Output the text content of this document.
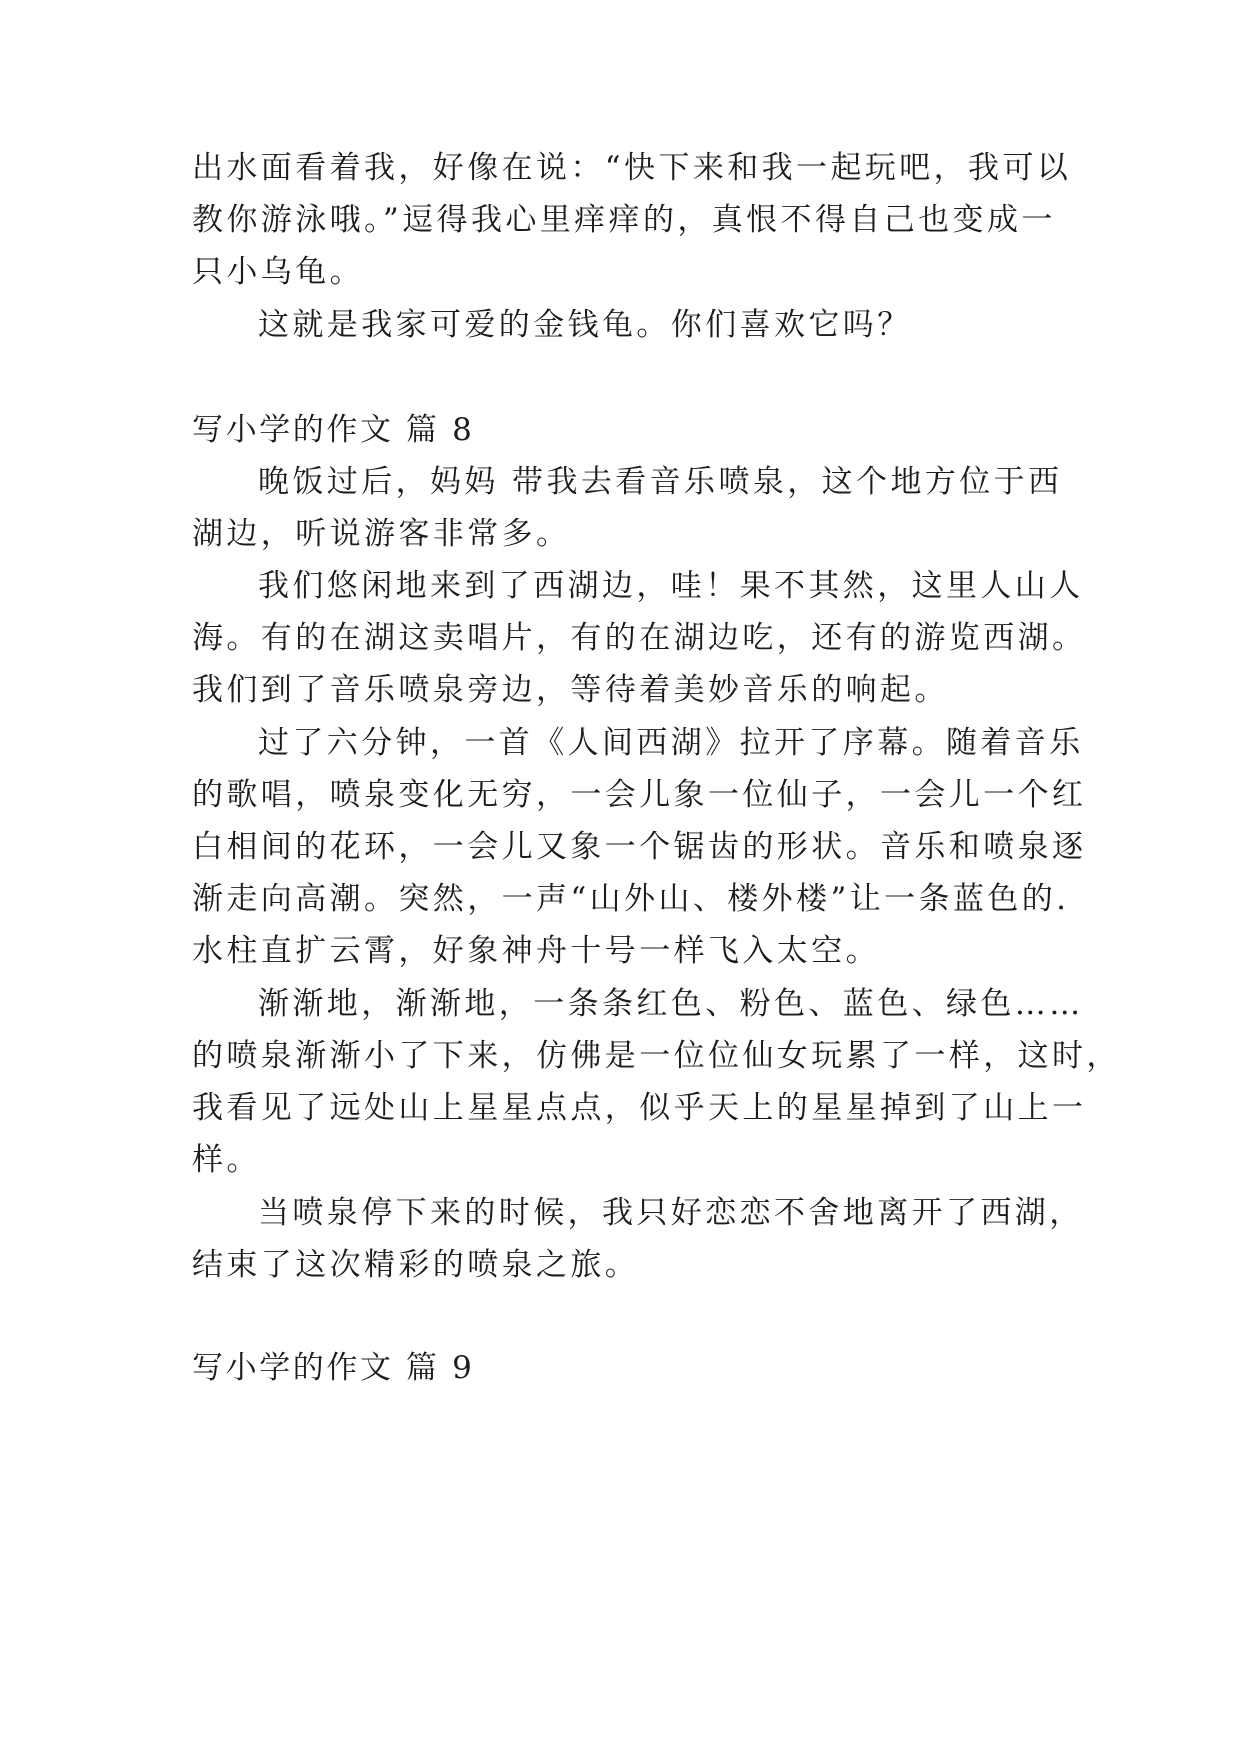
出水面看着我，好像在说：“快下来和我一起玩吧，我可以
教你游泳哦。”逗得我心里痒痒的，真恨不得自己也变成一
只小乌龟。
这就是我家可爱的金钱龟。你们喜欢它吗？
写小学的作文 篇 8
晚饭过后，妈妈 带我去看音乐喷泉，这个地方位于西
湖边，听说游客非常多。
我们悠闲地来到了西湖边，哇！果不其然，这里人山人
海。有的在湖这卖唱片，有的在湖边吃，还有的游览西湖。
我们到了音乐喷泉旁边，等待着美妙音乐的响起。
过了六分钟，一首《人间西湖》拉开了序幕。随着音乐
的歌唱，喷泉变化无穷，一会儿象一位仙子，一会儿一个红
白相间的花环，一会儿又象一个锯齿的形状。音乐和喷泉逐
渐走向高潮。突然，一声“山外山、楼外楼”让一条蓝色的.
水柱直扩云霄，好象神舟十号一样飞入太空。
渐渐地，渐渐地，一条条红色、粉色、蓝色、绿色……
的喷泉渐渐小了下来，仿佛是一位位仙女玩累了一样，这时，
我看见了远处山上星星点点，似乎天上的星星掉到了山上一
样。
当喷泉停下来的时候，我只好恋恋不舍地离开了西湖，
结束了这次精彩的喷泉之旅。
写小学的作文 篇 9
